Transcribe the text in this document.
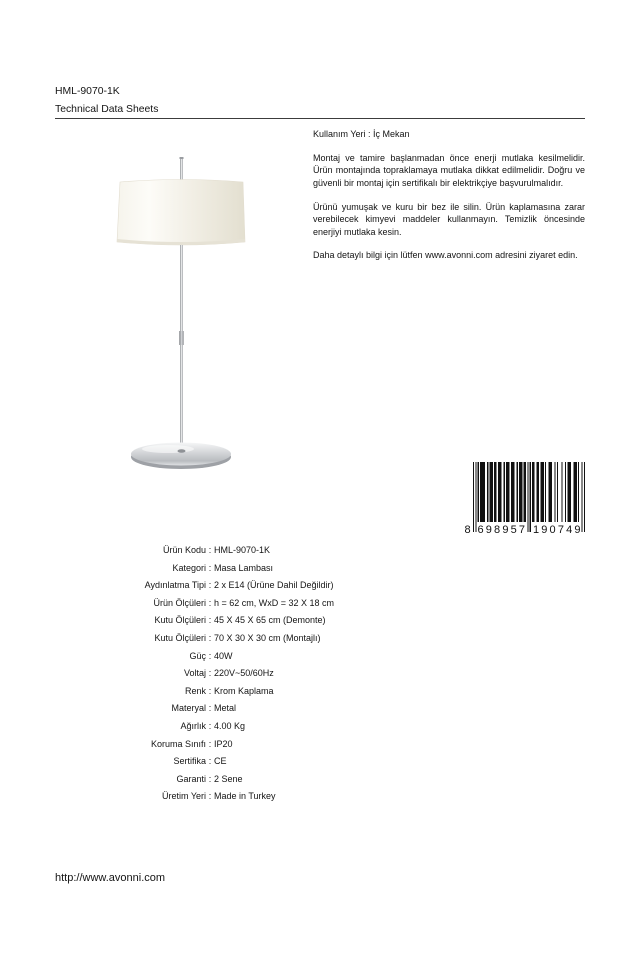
HML-9070-1K
Technical Data Sheets
Kullanım Yeri : İç Mekan
Montaj ve tamire başlanmadan önce enerji mutlaka kesilmelidir. Ürün montajında topraklamaya mutlaka dikkat edilmelidir. Doğru ve güvenli bir montaj için sertifikalı bir elektrikçiye başvurulmalıdır.
Ürünü yumuşak ve kuru bir bez ile silin. Ürün kaplamasına zarar verebilecek kimyevi maddeler kullanmayın. Temizlik öncesinde enerjiyi mutlaka kesin.
Daha detaylı bilgi için lütfen www.avonni.com adresini ziyaret edin.
8 698957 190749
Ürün Kodu : HML-9070-1K
Kategori : Masa Lambası
Aydınlatma Tipi : 2 x E14 (Ürüne Dahil Değildir)
Ürün Ölçüleri : h = 62 cm, WxD = 32 X 18 cm
Kutu Ölçüleri : 45 X 45 X 65 cm (Demonte)
Kutu Ölçüleri : 70 X 30 X 30 cm (Montajlı)
Güç : 40W
Voltaj : 220V~50/60Hz
Renk : Krom Kaplama
Materyal : Metal
Ağırlık : 4.00 Kg
Koruma Sınıfı : IP20
Sertifika : CE
Garanti : 2 Sene
Üretim Yeri : Made in Turkey
http://www.avonni.com
